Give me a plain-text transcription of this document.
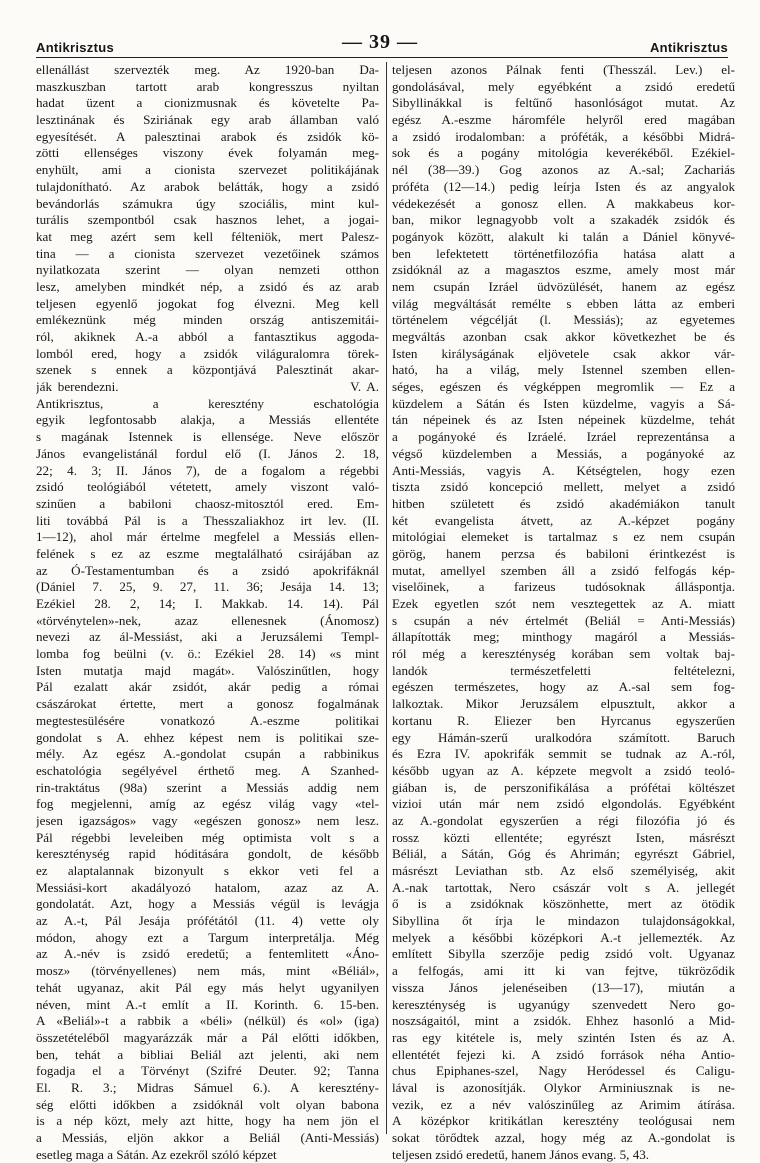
Antikrisztus	— 39 —	Antikrisztus
ellenállást szervezték meg. Az 1920-ban Da-
maszkuszban tartott arab kongresszus nyiltan
hadat üzent a cionizmusnak és követelte Pa-
lesztinának és Sziriának egy arab államban való
egyesítését. A palesztinai arabok és zsidók kö-
zötti ellenséges viszony évek folyamán meg-
enyhült, ami a cionista szervezet politikájának
tulajdonítható. Az arabok belátták, hogy a zsidó
bevándorlás számukra úgy szociális, mint kul-
turális szempontból csak hasznos lehet, a jogai-
kat meg azért sem kell félteniök, mert Palesz-
tina — a cionista szervezet vezetőinek számos
nyilatkozata szerint — olyan nemzeti otthon
lesz, amelyben mindkét nép, a zsidó és az arab
teljesen egyenlő jogokat fog élvezni. Meg kell
emlékeznünk még minden ország antiszemitái-
ról, akiknek A.-a abból a fantasztikus aggoda-
lomból ered, hogy a zsidók világuralomra törek-
szenek s ennek a központjává Palesztinát akar-
ják berendezni.                                        V. A.
Antikrisztus, a keresztény eschatológia
egyik legfontosabb alakja, a Messiás ellentéte
s magának Istennek is ellensége. Neve először
János evangelistánál fordul elő (I. János 2. 18,
22; 4. 3; II. János 7), de a fogalom a régebbi
zsidó teológiából vétetett, amely viszont való-
szinűen a babiloni chaosz-mitosztól ered. Em-
liti továbbá Pál is a Thesszaliakhoz irt lev. (II.
1—12), ahol már értelme megfelel a Messiás ellen-
felének s ez az eszme megtalálható csirájában az
az Ó-Testamentumban és a zsidó apokrifáknál
(Dániel 7. 25, 9. 27, 11. 36; Jesája 14. 13;
Ezékiel 28. 2, 14; I. Makkab. 14. 14). Pál
«törvénytelen»-nek, azaz ellenesnek (Ánomosz)
nevezi az ál-Messiást, aki a Jeruzsálemi Templ-
lomba fog beülni (v. ö.: Ezékiel 28. 14) «s mint
Isten mutatja majd magát». Valószinűtlen, hogy
Pál ezalatt akár zsidót, akár pedig a római
császárokat értette, mert a gonosz fogalmának
megtestesülésére vonatkozó A.-eszme politikai
gondolat s A. ehhez képest nem is politikai sze-
mély. Az egész A.-gondolat csupán a rabbinikus
eschatológia segélyével érthető meg. A Szanhed-
rin-traktátus (98a) szerint a Messiás addig nem
fog megjelenni, amíg az egész világ vagy «tel-
jesen igazságos» vagy «egészen gonosz» nem lesz.
Pál régebbi leveleiben még optimista volt s a
kereszténység rapid hóditására gondolt, de később
ez alaptalannak bizonyult s ekkor veti fel a
Messiási-kort akadályozó hatalom, azaz az A.
gondolatát. Azt, hogy a Messiás végül is levágja
az A.-t, Pál Jesája prófétától (11. 4) vette oly
módon, ahogy ezt a Targum interpretálja. Még
az A.-név is zsidó eredetű; a fentemlitett «Áno-
mosz» (törvényellenes) nem más, mint «Béliál»,
tehát ugyanaz, akit Pál egy más helyt ugyanilyen
néven, mint A.-t említ a II. Korinth. 6. 15-ben.
A «Beliál»-t a rabbik a «béli» (nélkül) és «ol» (iga)
összetételéből magyarázzák már a Pál előtti időkben,
ben, tehát a bibliai Beliál azt jelenti, aki nem
fogadja el a Törvényt (Szifré Deuter. 92; Tanna
El. R. 3.; Midras Sámuel 6.). A keresztény-
ség előtti időkben a zsidóknál volt olyan babona
is a nép közt, mely azt hitte, hogy ha nem jön el
a Messiás, eljön akkor a Beliál (Anti-Messiás)
esetleg maga a Sátán. Az ezekről szóló képzet
teljesen azonos Pálnak fenti (Thesszál. Lev.) el-
gondolásával, mely egyébként a zsidó eredetű
Sibyllinákkal is feltűnő hasonlóságot mutat. Az
egész A.-eszme háromféle helyről ered magában
a zsidó irodalomban: a próféták, a későbbi Midrá-
sok és a pogány mitológia keverékéből. Ezékiel-
nél (38—39.) Gog azonos az A.-sal; Zachariás
próféta (12—14.) pedig leírja Isten és az angyalok
védekezését a gonosz ellen. A makkabeus kor-
ban, mikor legnagyobb volt a szakadék zsidók és
pogányok között, alakult ki talán a Dániel könyvé-
ben lefektetett történetfilozófia hatása alatt a
zsidóknál az a magasztos eszme, amely most már
nem csupán Izráel üdvözülését, hanem az egész
világ megváltását remélte s ebben látta az emberi
történelem végcélját (l. Messiás); az egyetemes
megváltás azonban csak akkor következhet be és
Isten királyságának eljövetele csak akkor vár-
ható, ha a világ, mely Istennel szemben ellen-
séges, egészen és végképpen megromlik — Ez a
küzdelem a Sátán és Isten küzdelme, vagyis a Sá-
tán népeinek és az Isten népeinek küzdelme, tehát
a pogányoké és Izráelé. Izráel reprezentánsa a
végső küzdelemben a Messiás, a pogányoké az
Anti-Messiás, vagyis A. Kétségtelen, hogy ezen
tiszta zsidó koncepció mellett, melyet a zsidó
hitben született és zsidó akadémiákon tanult
két evangelista átvett, az A.-képzet pogány
mitológiai elemeket is tartalmaz s ez nem csupán
görög, hanem perzsa és babiloni érintkezést is
mutat, amellyel szemben áll a zsidó felfogás kép-
viselőinek, a farizeus tudósoknak álláspontja.
Ezek egyetlen szót nem vesztegettek az A. miatt
s csupán a név értelmét (Beliál = Anti-Messiás)
állapították meg; minthogy magáról a Messiás-
ról még a kereszténység korában sem voltak baj-
landók természetfeletti feltételezni,
egészen természetes, hogy az A.-sal sem fog-
lalkoztak. Mikor Jeruzsálem elpusztult, akkor a
kortanu R. Eliezer ben Hyrcanus egyszerűen
egy Hámán-szerű uralkodóra számított. Baruch
és Ezra IV. apokrifák semmit se tudnak az A.-ról,
később ugyan az A. képzete megvolt a zsidó teoló-
giában is, de perszonifikálása a prófétai költészet
vizioi után már nem zsidó elgondolás. Egyébként
az A.-gondolat egyszerűen a régi filozófia jó és
rossz közti ellentéte; egyrészt Isten, másrészt
Béliál, a Sátán, Góg és Ahrimán; egyrészt Gábriel,
másrészt Leviathan stb. Az első személyiség, akit
A.-nak tartottak, Nero császár volt s A. jellegét
ő is a zsidóknak köszönhette, mert az ötödik
Sibyllina őt írja le mindazon tulajdonságokkal,
melyek a későbbi középkori A.-t jellemezték. Az
említett Sibylla szerzője pedig zsidó volt. Ugyanaz
a felfogás, ami itt ki van fejtve, tükröződik
vissza János jelenéseiben (13—17), miután a
kereszténység is ugyanúgy szenvedett Nero go-
noszságaitól, mint a zsidók. Ehhez hasonló a Mid-
ras egy kitétele is, mely szintén Isten és az A.
ellentétét fejezi ki. A zsidó források néha Antio-
chus Epiphanes-szel, Nagy Heródessel és Caligu-
lával is azonosítják. Olykor Arminiusznak is ne-
vezik, ez a név valószinűleg az Arimim átírása.
A középkor kritikátlan keresztény teológusai nem
sokat törődtek azzal, hogy még az A.-gondolat is
teljesen zsidó eredetű, hanem János evang. 5, 43.
